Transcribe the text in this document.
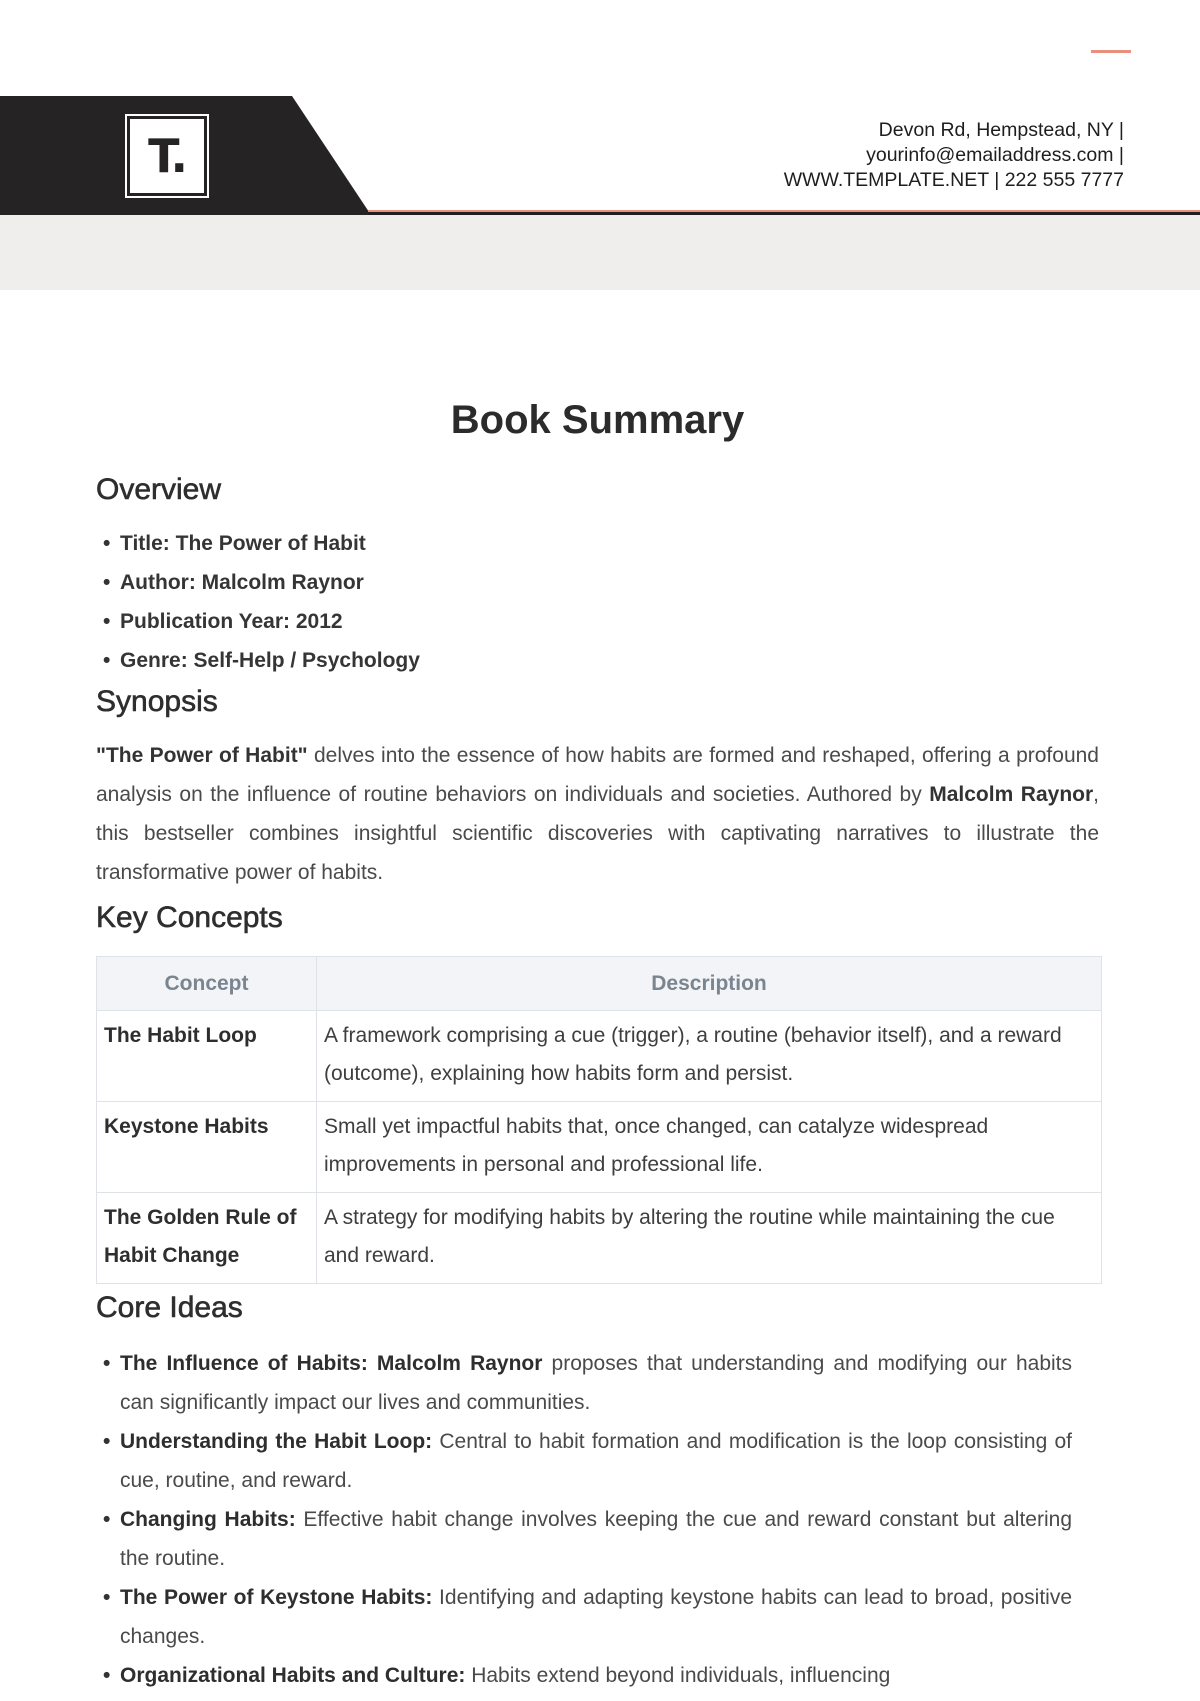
T.	Devon Rd, Hempstead, NY |
yourinfo@emailaddress.com |
WWW.TEMPLATE.NET | 222 555 7777
Book Summary
Overview
• Title: The Power of Habit
• Author: Malcolm Raynor
• Publication Year: 2012
• Genre: Self-Help / Psychology
Synopsis

"The Power of Habit" delves into the essence of how habits are formed and reshaped, offering a profound analysis on the influence of routine behaviors on individuals and societies. Authored by Malcolm Raynor, this bestseller combines insightful scientific discoveries with captivating narratives to illustrate the transformative power of habits.

Key Concepts
Concept	Description
The Habit Loop	A framework comprising a cue (trigger), a routine (behavior itself), and a reward (outcome), explaining how habits form and persist.
Keystone Habits	Small yet impactful habits that, once changed, can catalyze widespread improvements in personal and professional life.
The Golden Rule of Habit Change	A strategy for modifying habits by altering the routine while maintaining the cue and reward.
Core Ideas
• The Influence of Habits: Malcolm Raynor proposes that understanding and modifying our habits can significantly impact our lives and communities.
• Understanding the Habit Loop: Central to habit formation and modification is the loop consisting of cue, routine, and reward.
• Changing Habits: Effective habit change involves keeping the cue and reward constant but altering the routine.
• The Power of Keystone Habits: Identifying and adapting keystone habits can lead to broad, positive changes.
• Organizational Habits and Culture: Habits extend beyond individuals, influencing
